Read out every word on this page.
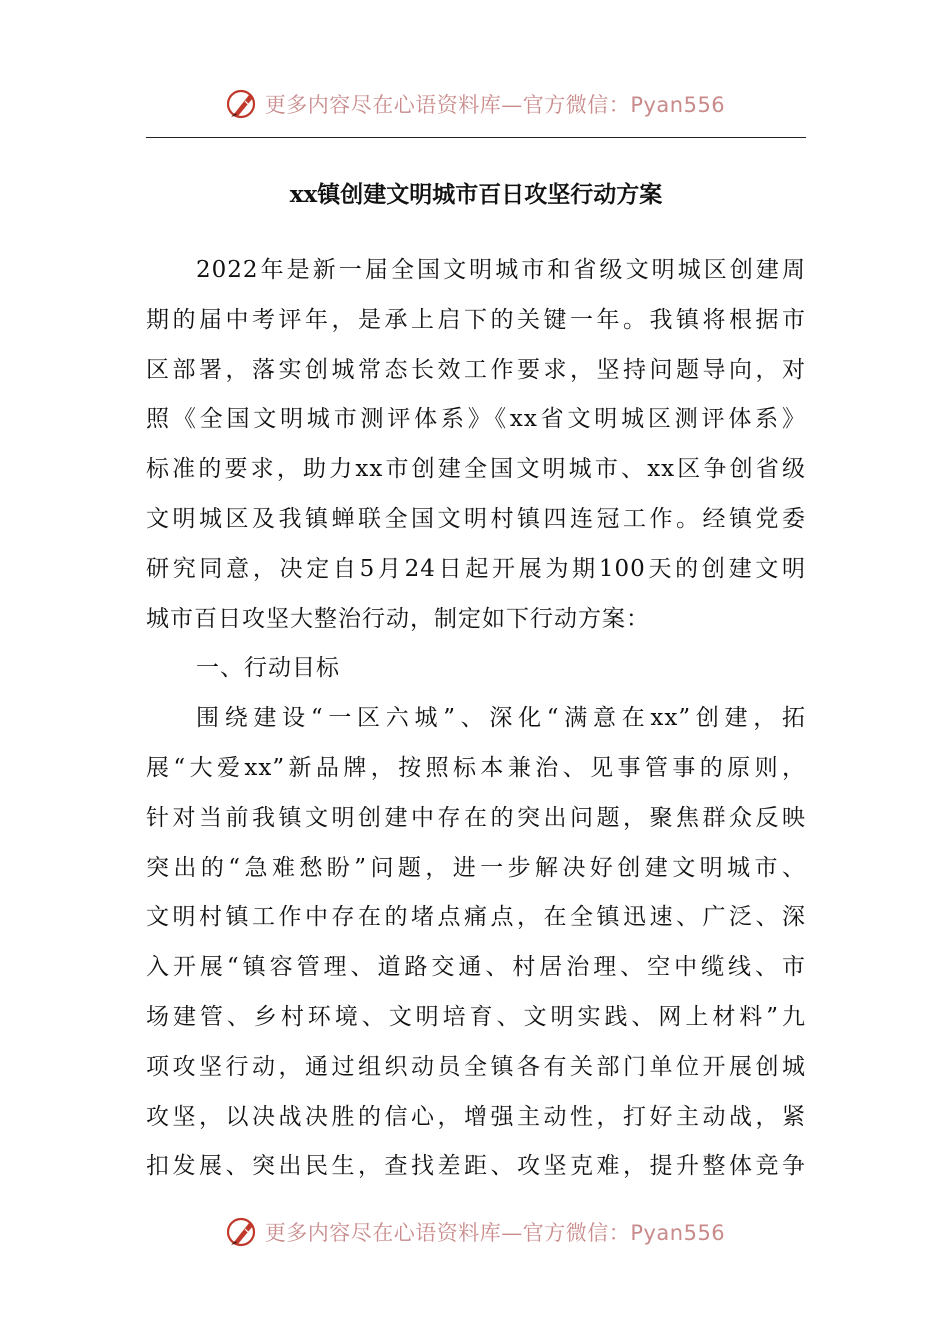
更多内容尽在心语资料库—官方微信：Pyan556
xx镇创建文明城市百日攻坚行动方案
2022年是新一届全国文明城市和省级文明城区创建周
期的届中考评年，是承上启下的关键一年。我镇将根据市
区部署，落实创城常态长效工作要求，坚持问题导向，对
照《全国文明城市测评体系》《xx省文明城区测评体系》
标准的要求，助力xx市创建全国文明城市、xx区争创省级
文明城区及我镇蝉联全国文明村镇四连冠工作。经镇党委
研究同意，决定自5月24日起开展为期100天的创建文明
城市百日攻坚大整治行动，制定如下行动方案：
一、行动目标
围绕建设“一区六城”、深化“满意在xx”创建，拓
展“大爱xx”新品牌，按照标本兼治、见事管事的原则，
针对当前我镇文明创建中存在的突出问题，聚焦群众反映
突出的“急难愁盼”问题，进一步解决好创建文明城市、
文明村镇工作中存在的堵点痛点，在全镇迅速、广泛、深
入开展“镇容管理、道路交通、村居治理、空中缆线、市
场建管、乡村环境、文明培育、文明实践、网上材料”九
项攻坚行动，通过组织动员全镇各有关部门单位开展创城
攻坚，以决战决胜的信心，增强主动性，打好主动战，紧
扣发展、突出民生，查找差距、攻坚克难，提升整体竞争
更多内容尽在心语资料库—官方微信：Pyan556
